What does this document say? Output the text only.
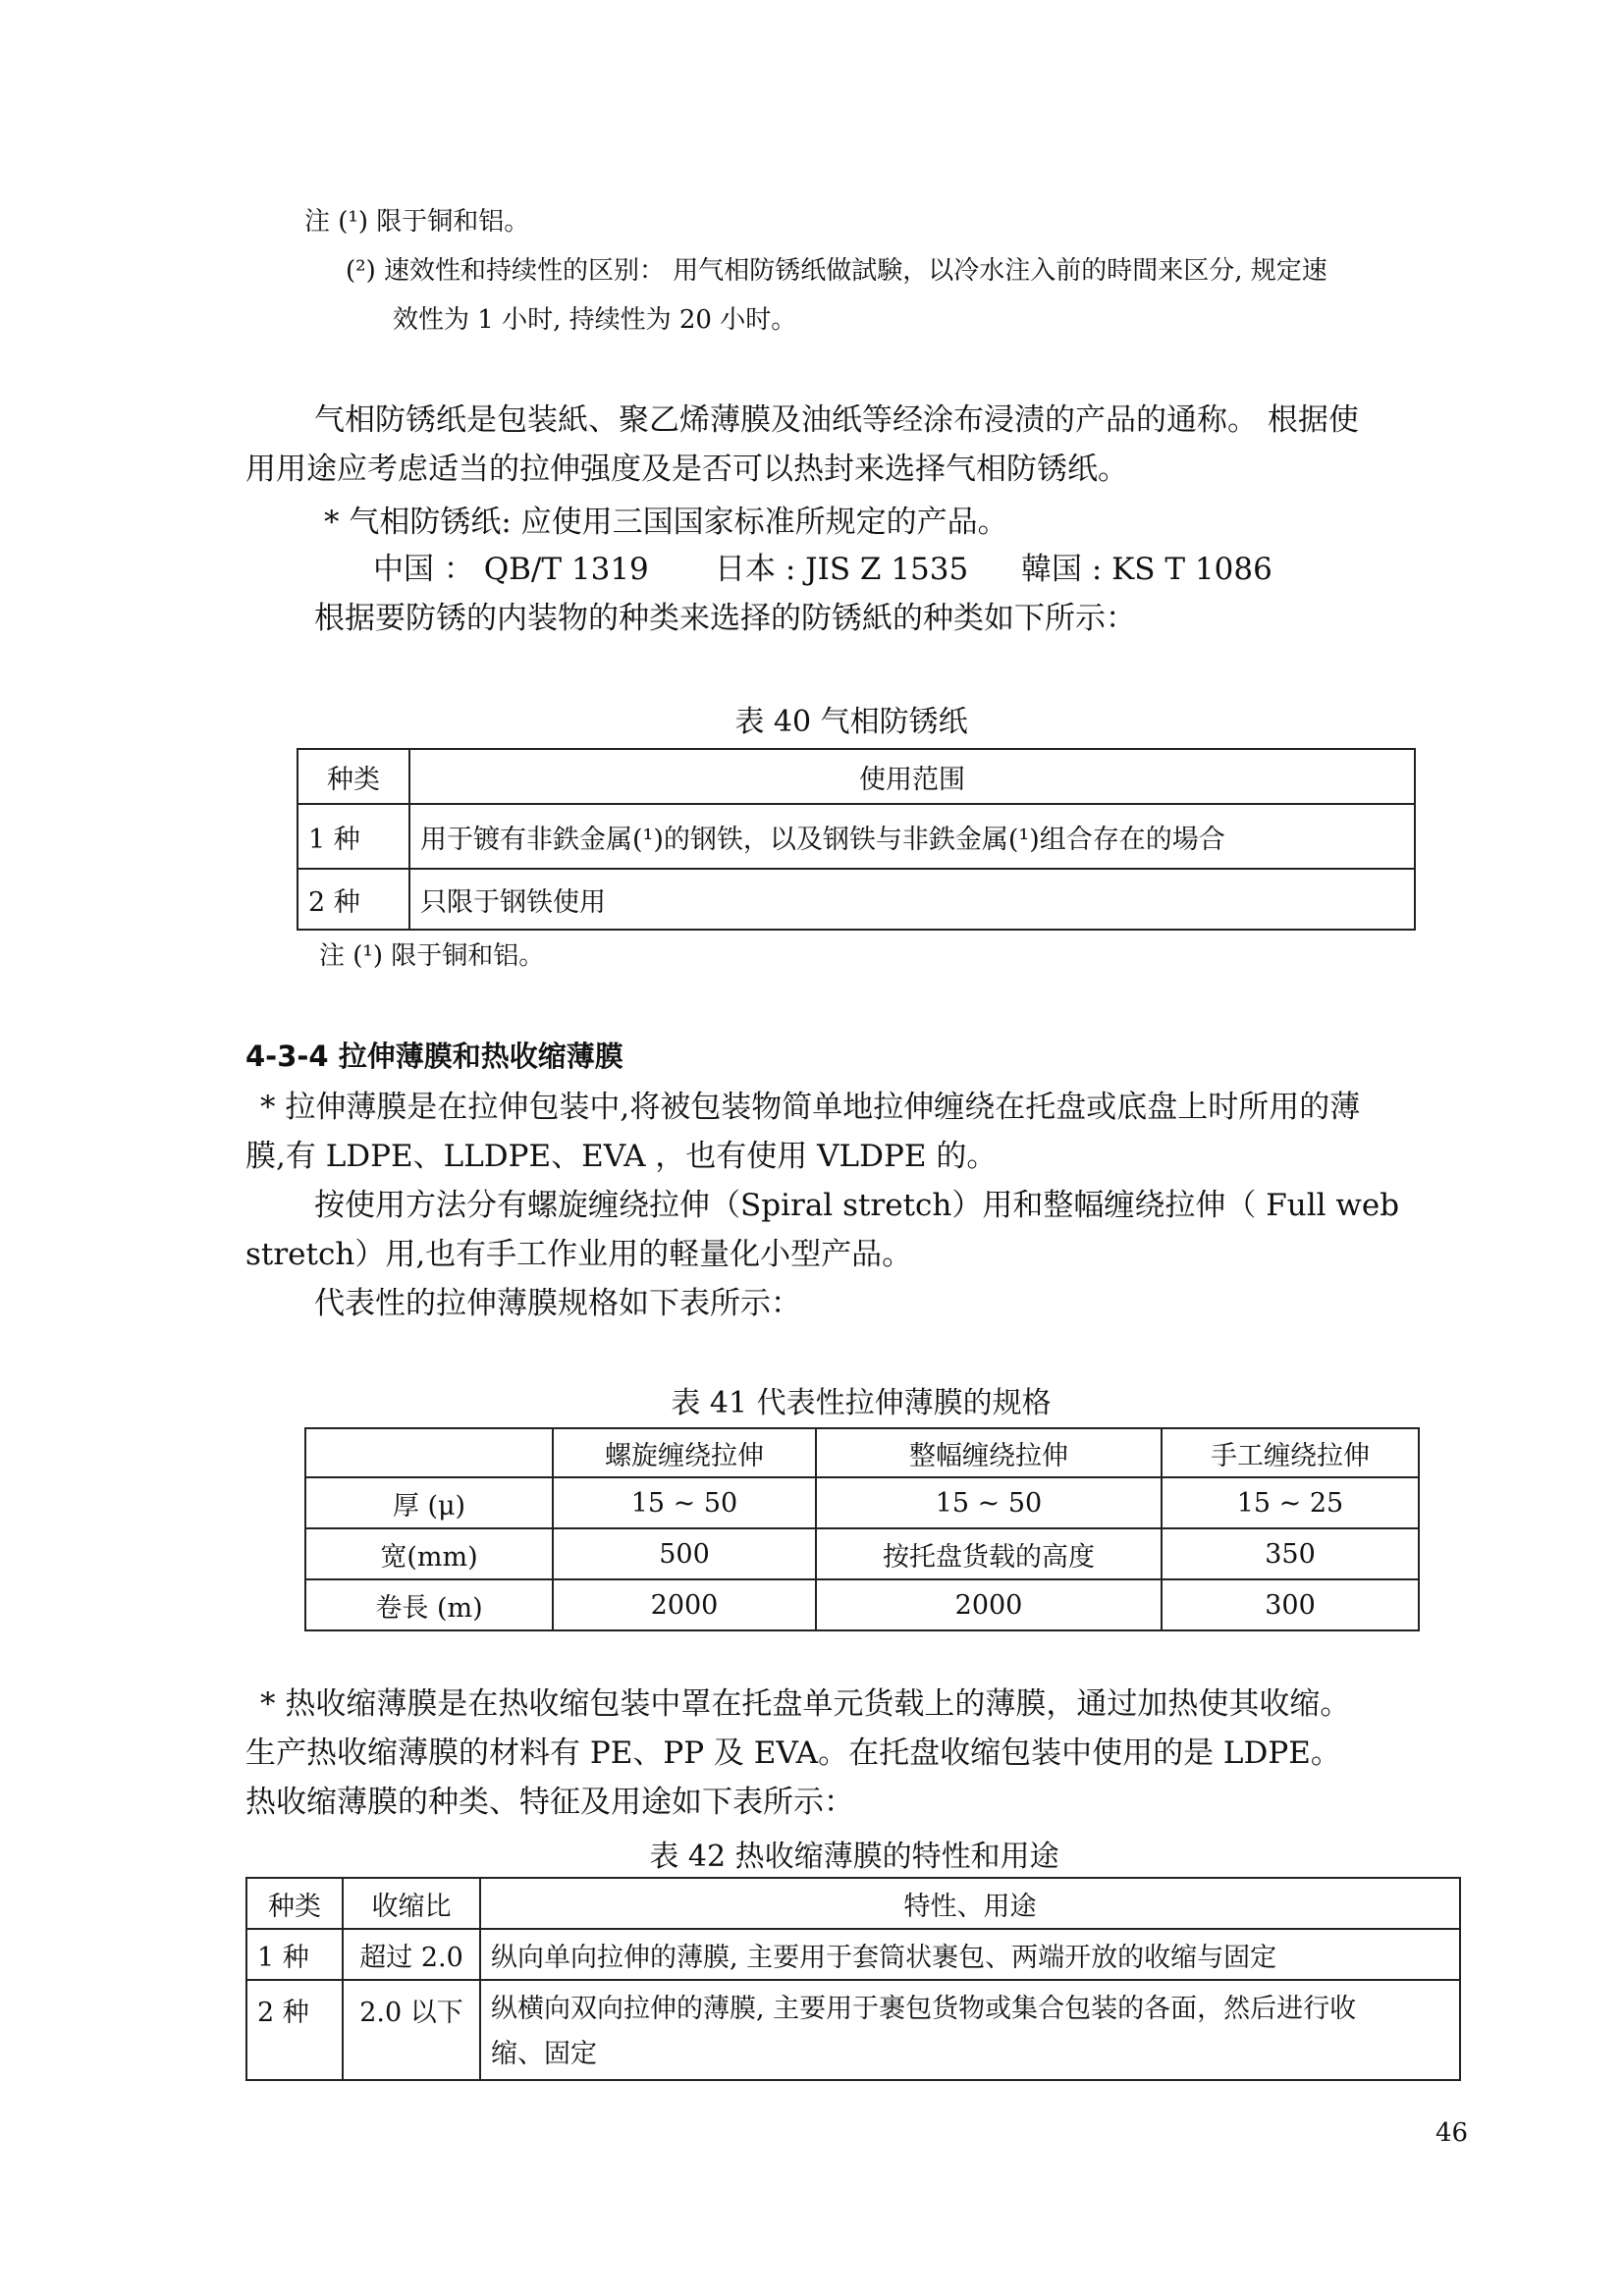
注 (¹) 限于铜和铝。
(²) 速效性和持续性的区别： 用气相防锈纸做試験，以冷水注入前的時間来区分, 规定速
效性为 1 小时, 持续性为 20 小时。
气相防锈纸是包装紙、聚乙烯薄膜及油纸等经涂布浸渍的产品的通称。 根据使
用用途应考虑适当的拉伸强度及是否可以热封来选择气相防锈纸。
* 气相防锈纸: 应使用三国国家标准所规定的产品。
中国 ： QB/T 1319 日本 : JIS Z 1535 韓国 : KS T 1086
根据要防锈的内装物的种类来选择的防锈紙的种类如下所示：
表 40 气相防锈纸
种类	使用范围
1 种	用于镀有非鉄金属(¹)的钢铁，以及钢铁与非鉄金属(¹)组合存在的場合
2 种	只限于钢铁使用
注 (¹) 限于铜和铝。
4-3-4 拉伸薄膜和热收缩薄膜
* 拉伸薄膜是在拉伸包装中,将被包装物简单地拉伸缠绕在托盘或底盘上时所用的薄
膜,有 LDPE、LLDPE、EVA ，也有使用 VLDPE 的。
按使用方法分有螺旋缠绕拉伸（Spiral stretch）用和整幅缠绕拉伸（ Full web
stretch）用,也有手工作业用的軽量化小型产品。
代表性的拉伸薄膜规格如下表所示：
表 41 代表性拉伸薄膜的规格
	螺旋缠绕拉伸	整幅缠绕拉伸	手工缠绕拉伸
厚 (μ)	15 ~ 50	15 ~ 50	15 ~ 25
宽(mm)	500	按托盘货载的高度	350
卷長 (m)	2000	2000	300
* 热收缩薄膜是在热收缩包装中罩在托盘单元货载上的薄膜，通过加热使其收缩。
生产热收缩薄膜的材料有 PE、PP 及 EVA。在托盘收缩包装中使用的是 LDPE。
热收缩薄膜的种类、特征及用途如下表所示：
表 42 热收缩薄膜的特性和用途
种类	收缩比	特性、用途
1 种	超过 2.0	纵向单向拉伸的薄膜, 主要用于套筒状裹包、两端开放的收缩与固定
2 种	2.0 以下	纵横向双向拉伸的薄膜, 主要用于裹包货物或集合包装的各面，然后进行收
缩、固定
46
